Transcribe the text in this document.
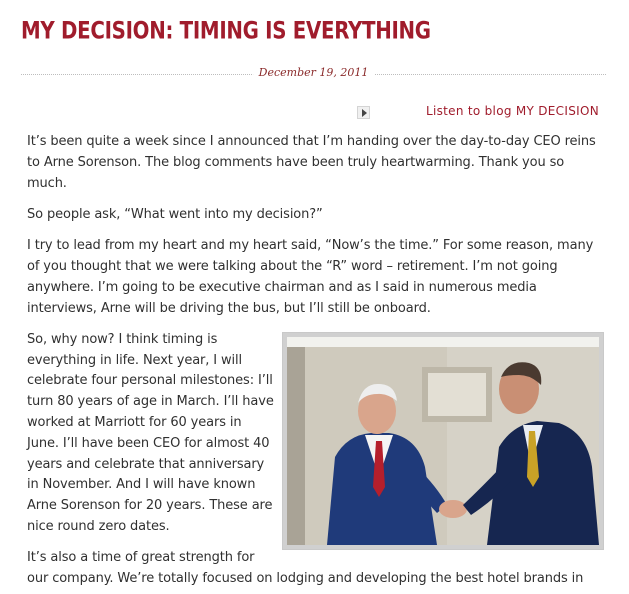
MY DECISION: TIMING IS EVERYTHING
December 19, 2011
Listen to blog MY DECISION

It’s been quite a week since I announced that I’m handing over the day-to-day CEO reins to Arne Sorenson. The blog comments have been truly heartwarming. Thank you so much.

So people ask, “What went into my decision?”

I try to lead from my heart and my heart said, “Now’s the time.” For some reason, many of you thought that we were talking about the “R” word – retirement. I’m not going anywhere. I’m going to be executive chairman and as I said in numerous media interviews, Arne will be driving the bus, but I’ll still be onboard.

So, why now? I think timing is everything in life. Next year, I will celebrate four personal milestones: I’ll turn 80 years of age in March. I’ll have worked at Marriott for 60 years in June. I’ll have been CEO for almost 40 years and celebrate that anniversary in November. And I will have known Arne Sorenson for 20 years. These are nice round zero dates.

It’s also a time of great strength for our company. We’re totally focused on lodging and developing the best hotel brands in
